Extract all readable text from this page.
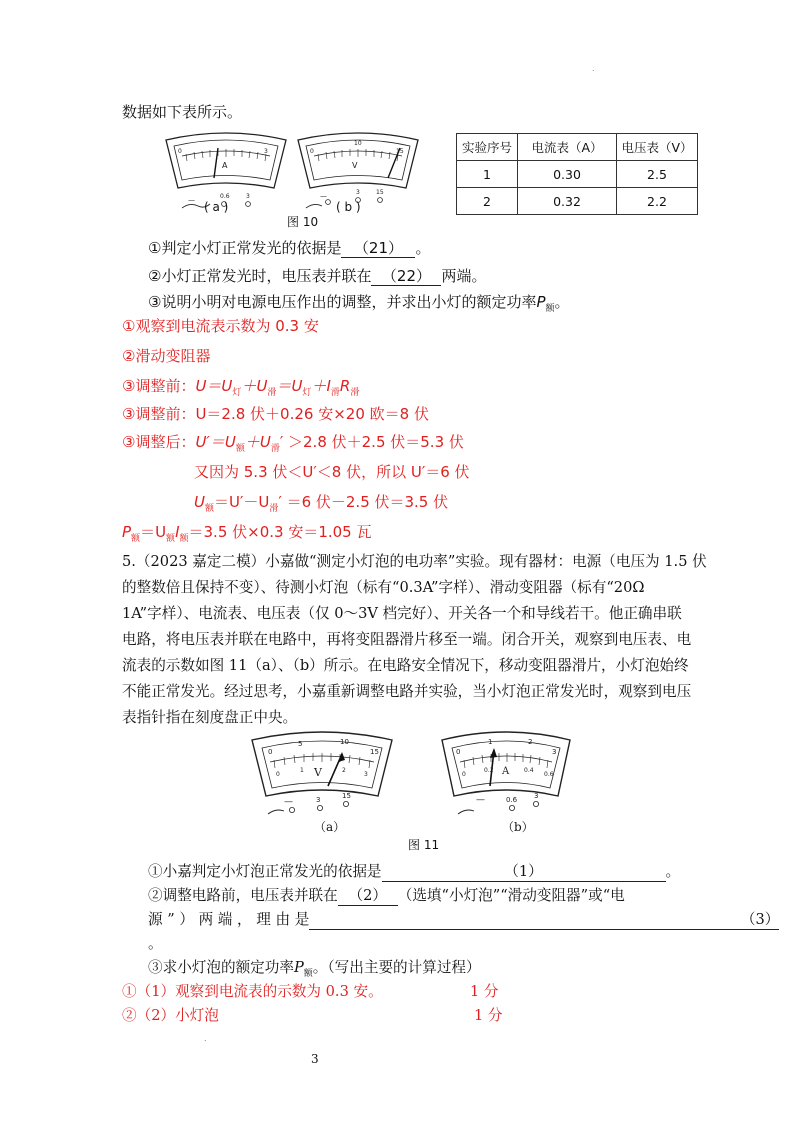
.
数据如下表所示。
A
0	3
—	0.6	3
V
0
10
15
—	3	15
( a )	( b )
图 10
实验序号	电流表（A）	电压表（V）
1	0.30	2.5
2	0.32	2.2
①判定小灯正常发光的依据是 （21） 。
②小灯正常发光时，电压表并联在 （22） 两端。
③说明小明对电源电压作出的调整，并求出小灯的额定功率$P_额$。
①观察到电流表示数为 0.3 安
②滑动变阻器
③调整前：$U=U_灯+U_滑=U_灯+I_滑R_滑$
③调整前：U＝2.8 伏＋0.26 安×20 欧＝8 伏
③调整后：$U'=U_额+U_滑' >2.8$ 伏＋2.5 伏＝5.3 伏
又因为 5.3 伏＜U′＜8 伏，所以 U′＝6 伏
$U_额=U'-U_滑' =6$ 伏－2.5 伏＝3.5 伏
$P_额=U_额I_额=3.5$ 伏×0.3 安＝1.05 瓦
5.（2023 嘉定二模）小嘉做“测定小灯泡的电功率”实验。现有器材：电源（电压为 1.5 伏
的整数倍且保持不变）、待测小灯泡（标有“0.3A”字样）、滑动变阻器（标有“20Ω
1A”字样）、电流表、电压表（仅 0～3V 档完好）、开关各一个和导线若干。他正确串联
电路，将电压表并联在电路中，再将变阻器滑片移至一端。闭合开关，观察到电压表、电
流表的示数如图 11（a）、（b）所示。在电路安全情况下，移动变阻器滑片，小灯泡始终
不能正常发光。经过思考，小嘉重新调整电路并实验，当小灯泡正常发光时，观察到电压
表指针指在刻度盘正中央。
V
0
5	10
15
0
1	2
3
—	3	15
A
0
1	2
3
0
0.2	0.4
0.6
—	0.6 3
（a）	（b）
图 11
①小嘉判定小灯泡正常发光的依据是	（1）	。
②调整电路前，电压表并联在 （2） （选填“小灯泡”“滑动变阻器”或“电
源 ” ） 两 端 ， 理 由 是	（3）
。
③求小灯泡的额定功率$P_额$。（写出主要的计算过程）
①（1）观察到电流表的示数为 0.3 安。	1 分
②（2）小灯泡	1 分
.
3
